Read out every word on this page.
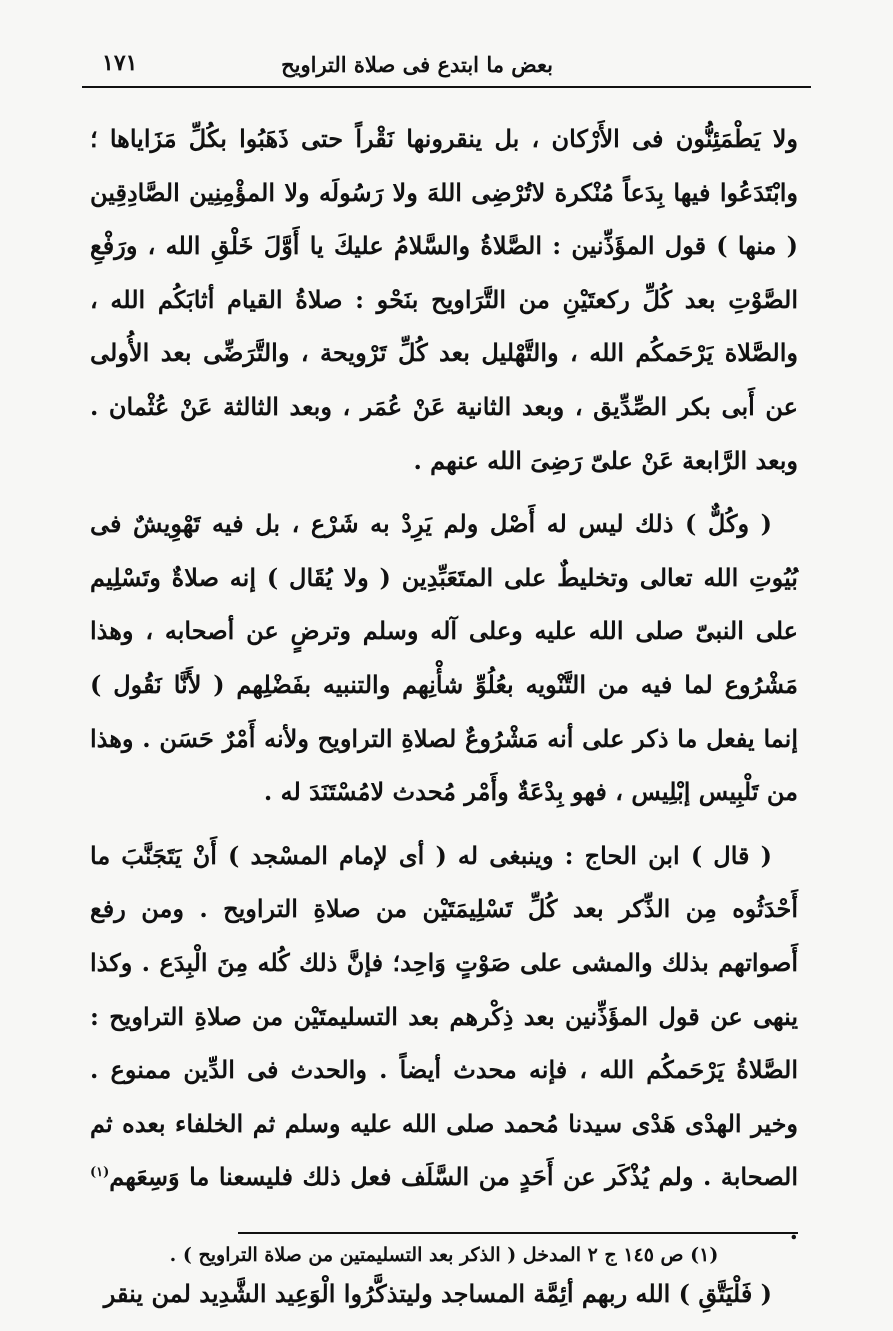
بعض ما ابتدع فى صلاة التراويح
١٧١

ولا يَطْمَئِنُّون فى الأَرْكان ، بل ينقرونها نَقْراً حتى ذَهَبُوا بكُلِّ مَزَاياها ؛ وابْتَدَعُوا فيها بِدَعاً مُنْكرة لاتُرْضِى اللهَ ولا رَسُولَه ولا المؤْمِنِين الصَّادِقِين ( منها ) قول المؤَذِّنين : الصَّلاةُ والسَّلامُ عليكَ يا أَوَّلَ خَلْقِ الله ، ورَفْعِ الصَّوْتِ بعد كُلِّ ركعتَيْنِ من التَّرَاويح بنَحْو : صلاةُ القيام أثابَكُم الله ، والصَّلاة يَرْحَمكُم الله ، والتَّهْليل بعد كُلِّ تَرْويحة ، والتَّرَضِّى بعد الأُولى عن أَبى بكر الصِّدِّيق ، وبعد الثانية عَنْ عُمَر ، وبعد الثالثة عَنْ عُثْمان . وبعد الرَّابعة عَنْ علىّ رَضِىَ الله عنهم .

( وكُلٌّ ) ذلك ليس له أَصْل ولم يَرِدْ به شَرْع ، بل فيه تَهْوِيشٌ فى بُيُوتِ الله تعالى وتخليطٌ على المتَعَبِّدِين ( ولا يُقَال ) إنه صلاةٌ وتَسْلِيم على النبىّ صلى الله عليه وعلى آله وسلم وترضٍ عن أصحابه ، وهذا مَشْرُوع لما فيه من التَّنْويه بعُلُوِّ شأْنِهم والتنبيه بفَضْلِهم ( لأَنَّا نَقُول ) إنما يفعل ما ذكر على أنه مَشْرُوعٌ لصلاةِ التراويح ولأنه أَمْرٌ حَسَن . وهذا من تَلْبِيس إبْلِيس ، فهو بِدْعَةٌ وأَمْر مُحدث لامُسْتَنَدَ له .

( قال ) ابن الحاج : وينبغى له ( أى لإمام المسْجد ) أَنْ يَتَجَنَّبَ ما أَحْدَثُوه مِن الذِّكر بعد كُلِّ تَسْلِيمَتَيْن من صلاةِ التراويح . ومن رفع أَصواتهم بذلك والمشى على صَوْتٍ وَاحِد؛ فإنَّ ذلك كُله مِنَ الْبِدَع . وكذا ينهى عن قول المؤَذِّنين بعد ذِكْرهم بعد التسليمتَيْن من صلاةِ التراويح : الصَّلاةُ يَرْحَمكُم الله ، فإنه محدث أيضاً . والحدث فى الدِّين ممنوع . وخير الهدْى هَدْى سيدنا مُحمد صلى الله عليه وسلم ثم الخلفاء بعده ثم الصحابة . ولم يُذْكَر عن أَحَدٍ من السَّلَف فعل ذلك فليسعنا ما وَسِعَهم$^{(١)}$ .

( فَلْيَتَّقِ ) الله ربهم أئِمَّة المساجد وليتذكَّرُوا الْوَعِيد الشَّدِيد لمن ينقر

(١) ص ١٤٥ ج ٢ المدخل ( الذكر بعد التسليمتين من صلاة التراويح ) .
